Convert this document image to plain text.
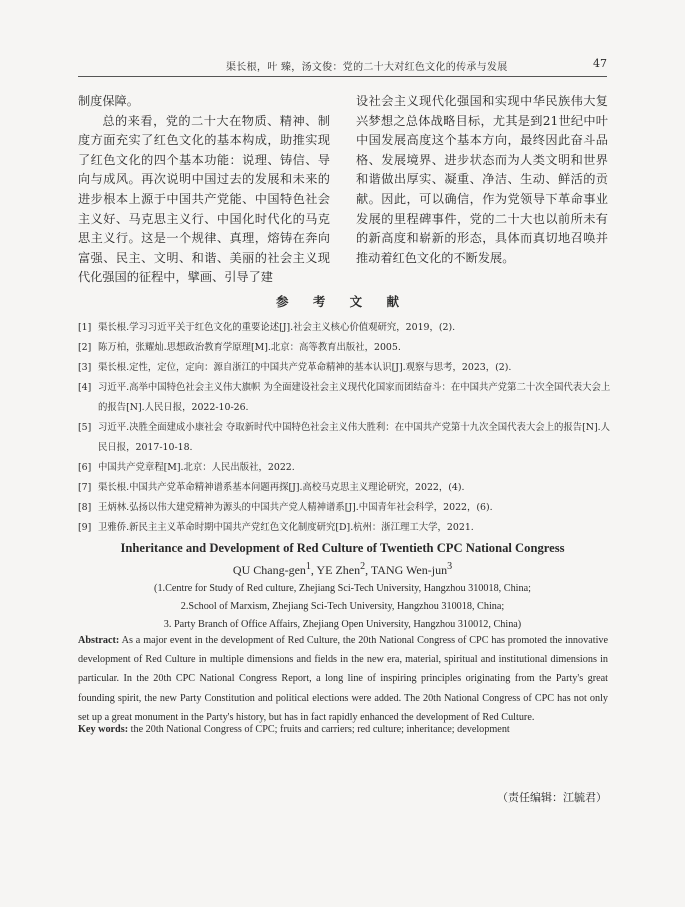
渠长根，叶 臻，汤文俊：党的二十大对红色文化的传承与发展	47

制度保障。

总的来看，党的二十大在物质、精神、制度方面充实了红色文化的基本构成，助推实现了红色文化的四个基本功能：说理、铸信、导向与成风。再次说明中国过去的发展和未来的进步根本上源于中国共产党能、中国特色社会主义好、马克思主义行、中国化时代化的马克思主义行。这是一个规律、真理，熔铸在奔向富强、民主、文明、和谐、美丽的社会主义现代化强国的征程中，擘画、引导了建

设社会主义现代化强国和实现中华民族伟大复兴梦想之总体战略目标，尤其是到21世纪中叶中国发展高度这个基本方向，最终因此奋斗品格、发展境界、进步状态而为人类文明和世界和谐做出厚实、凝重、净洁、生动、鲜活的贡献。因此，可以确信，作为党领导下革命事业发展的里程碑事件，党的二十大也以前所未有的新高度和崭新的形态，具体而真切地召唤并推动着红色文化的不断发展。

参 考 文 献
[1] 渠长根.学习习近平关于红色文化的重要论述[J].社会主义核心价值观研究，2019，(2).
[2] 陈万柏，张耀灿.思想政治教育学原理[M].北京：高等教育出版社，2005.
[3] 渠长根.定性，定位，定向：源自浙江的中国共产党革命精神的基本认识[J].观察与思考，2023，(2).
[4] 习近平.高举中国特色社会主义伟大旗帜 为全面建设社会主义现代化国家而团结奋斗：在中国共产党第二十次全国代表大会上的报告[N].人民日报，2022-10-26.
[5] 习近平.决胜全面建成小康社会 夺取新时代中国特色社会主义伟大胜利：在中国共产党第十九次全国代表大会上的报告[N].人民日报，2017-10-18.
[6] 中国共产党章程[M].北京：人民出版社，2022.
[7] 渠长根.中国共产党革命精神谱系基本问题再探[J].高校马克思主义理论研究，2022，(4).
[8] 王炳林.弘扬以伟大建党精神为源头的中国共产党人精神谱系[J].中国青年社会科学，2022，(6).
[9] 卫雅侨.新民主主义革命时期中国共产党红色文化制度研究[D].杭州：浙江理工大学，2021.
Inheritance and Development of Red Culture of Twentieth CPC National Congress
QU Chang-gen$^1$, YE Zhen$^2$, TANG Wen-jun$^3$
(1.Centre for Study of Red culture, Zhejiang Sci-Tech University, Hangzhou 310018, China;
2.School of Marxism, Zhejiang Sci-Tech University, Hangzhou 310018, China;
3. Party Branch of Office Affairs, Zhejiang Open University, Hangzhou 310012, China)
Abstract: As a major event in the development of Red Culture, the 20th National Congress of CPC has promoted the innovative development of Red Culture in multiple dimensions and fields in the new era, material, spiritual and institutional dimensions in particular. In the 20th CPC National Congress Report, a long line of inspiring principles originating from the Party's great founding spirit, the new Party Constitution and political elections were added. The 20th National Congress of CPC has not only set up a great monument in the Party's history, but has in fact rapidly enhanced the development of Red Culture.
Key words: the 20th National Congress of CPC; fruits and carriers; red culture; inheritance; development
（责任编辑：江毓君）
